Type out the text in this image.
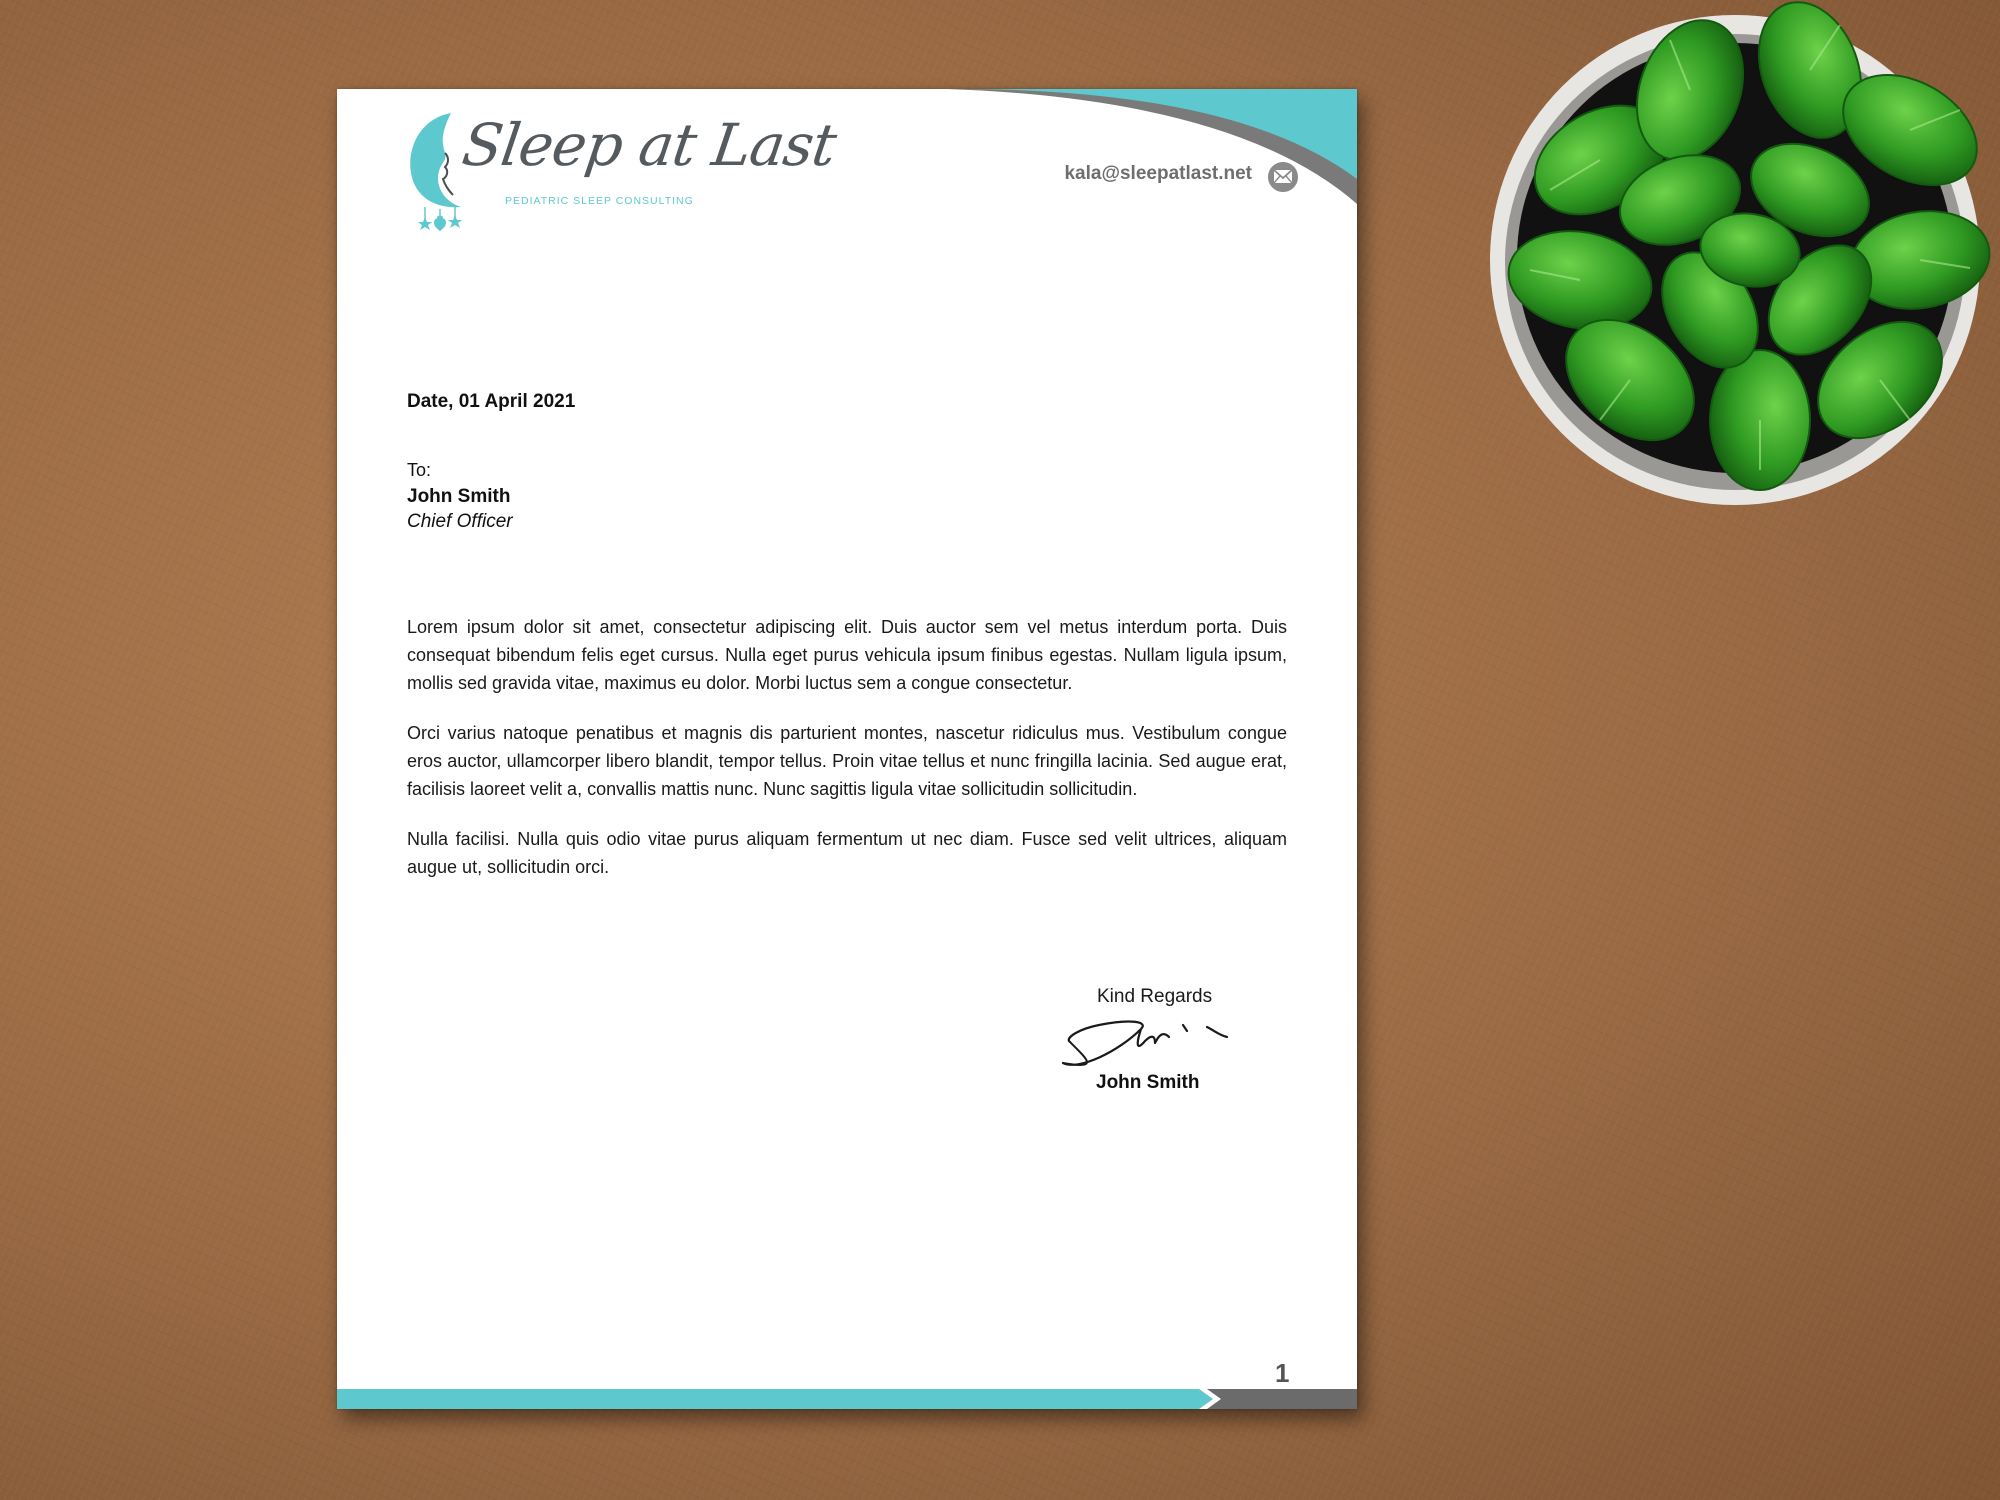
Sleep at Last
PEDIATRIC SLEEP CONSULTING
kala@sleepatlast.net
Date, 01 April 2021
To:
John Smith
Chief Officer

Lorem ipsum dolor sit amet, consectetur adipiscing elit. Duis auctor sem vel metus interdum porta. Duis consequat bibendum felis eget cursus. Nulla eget purus vehicula ipsum finibus egestas. Nullam ligula ipsum, mollis sed gravida vitae, maximus eu dolor. Morbi luctus sem a congue consectetur.

Orci varius natoque penatibus et magnis dis parturient montes, nascetur ridiculus mus. Vestibulum congue eros auctor, ullamcorper libero blandit, tempor tellus. Proin vitae tellus et nunc fringilla lacinia. Sed augue erat, facilisis laoreet velit a, convallis mattis nunc. Nunc sagittis ligula vitae sollicitudin sollicitudin.

Nulla facilisi. Nulla quis odio vitae purus aliquam fermentum ut nec diam. Fusce sed velit ultrices, aliquam augue ut, sollicitudin orci.

Kind Regards
John Smith
1
